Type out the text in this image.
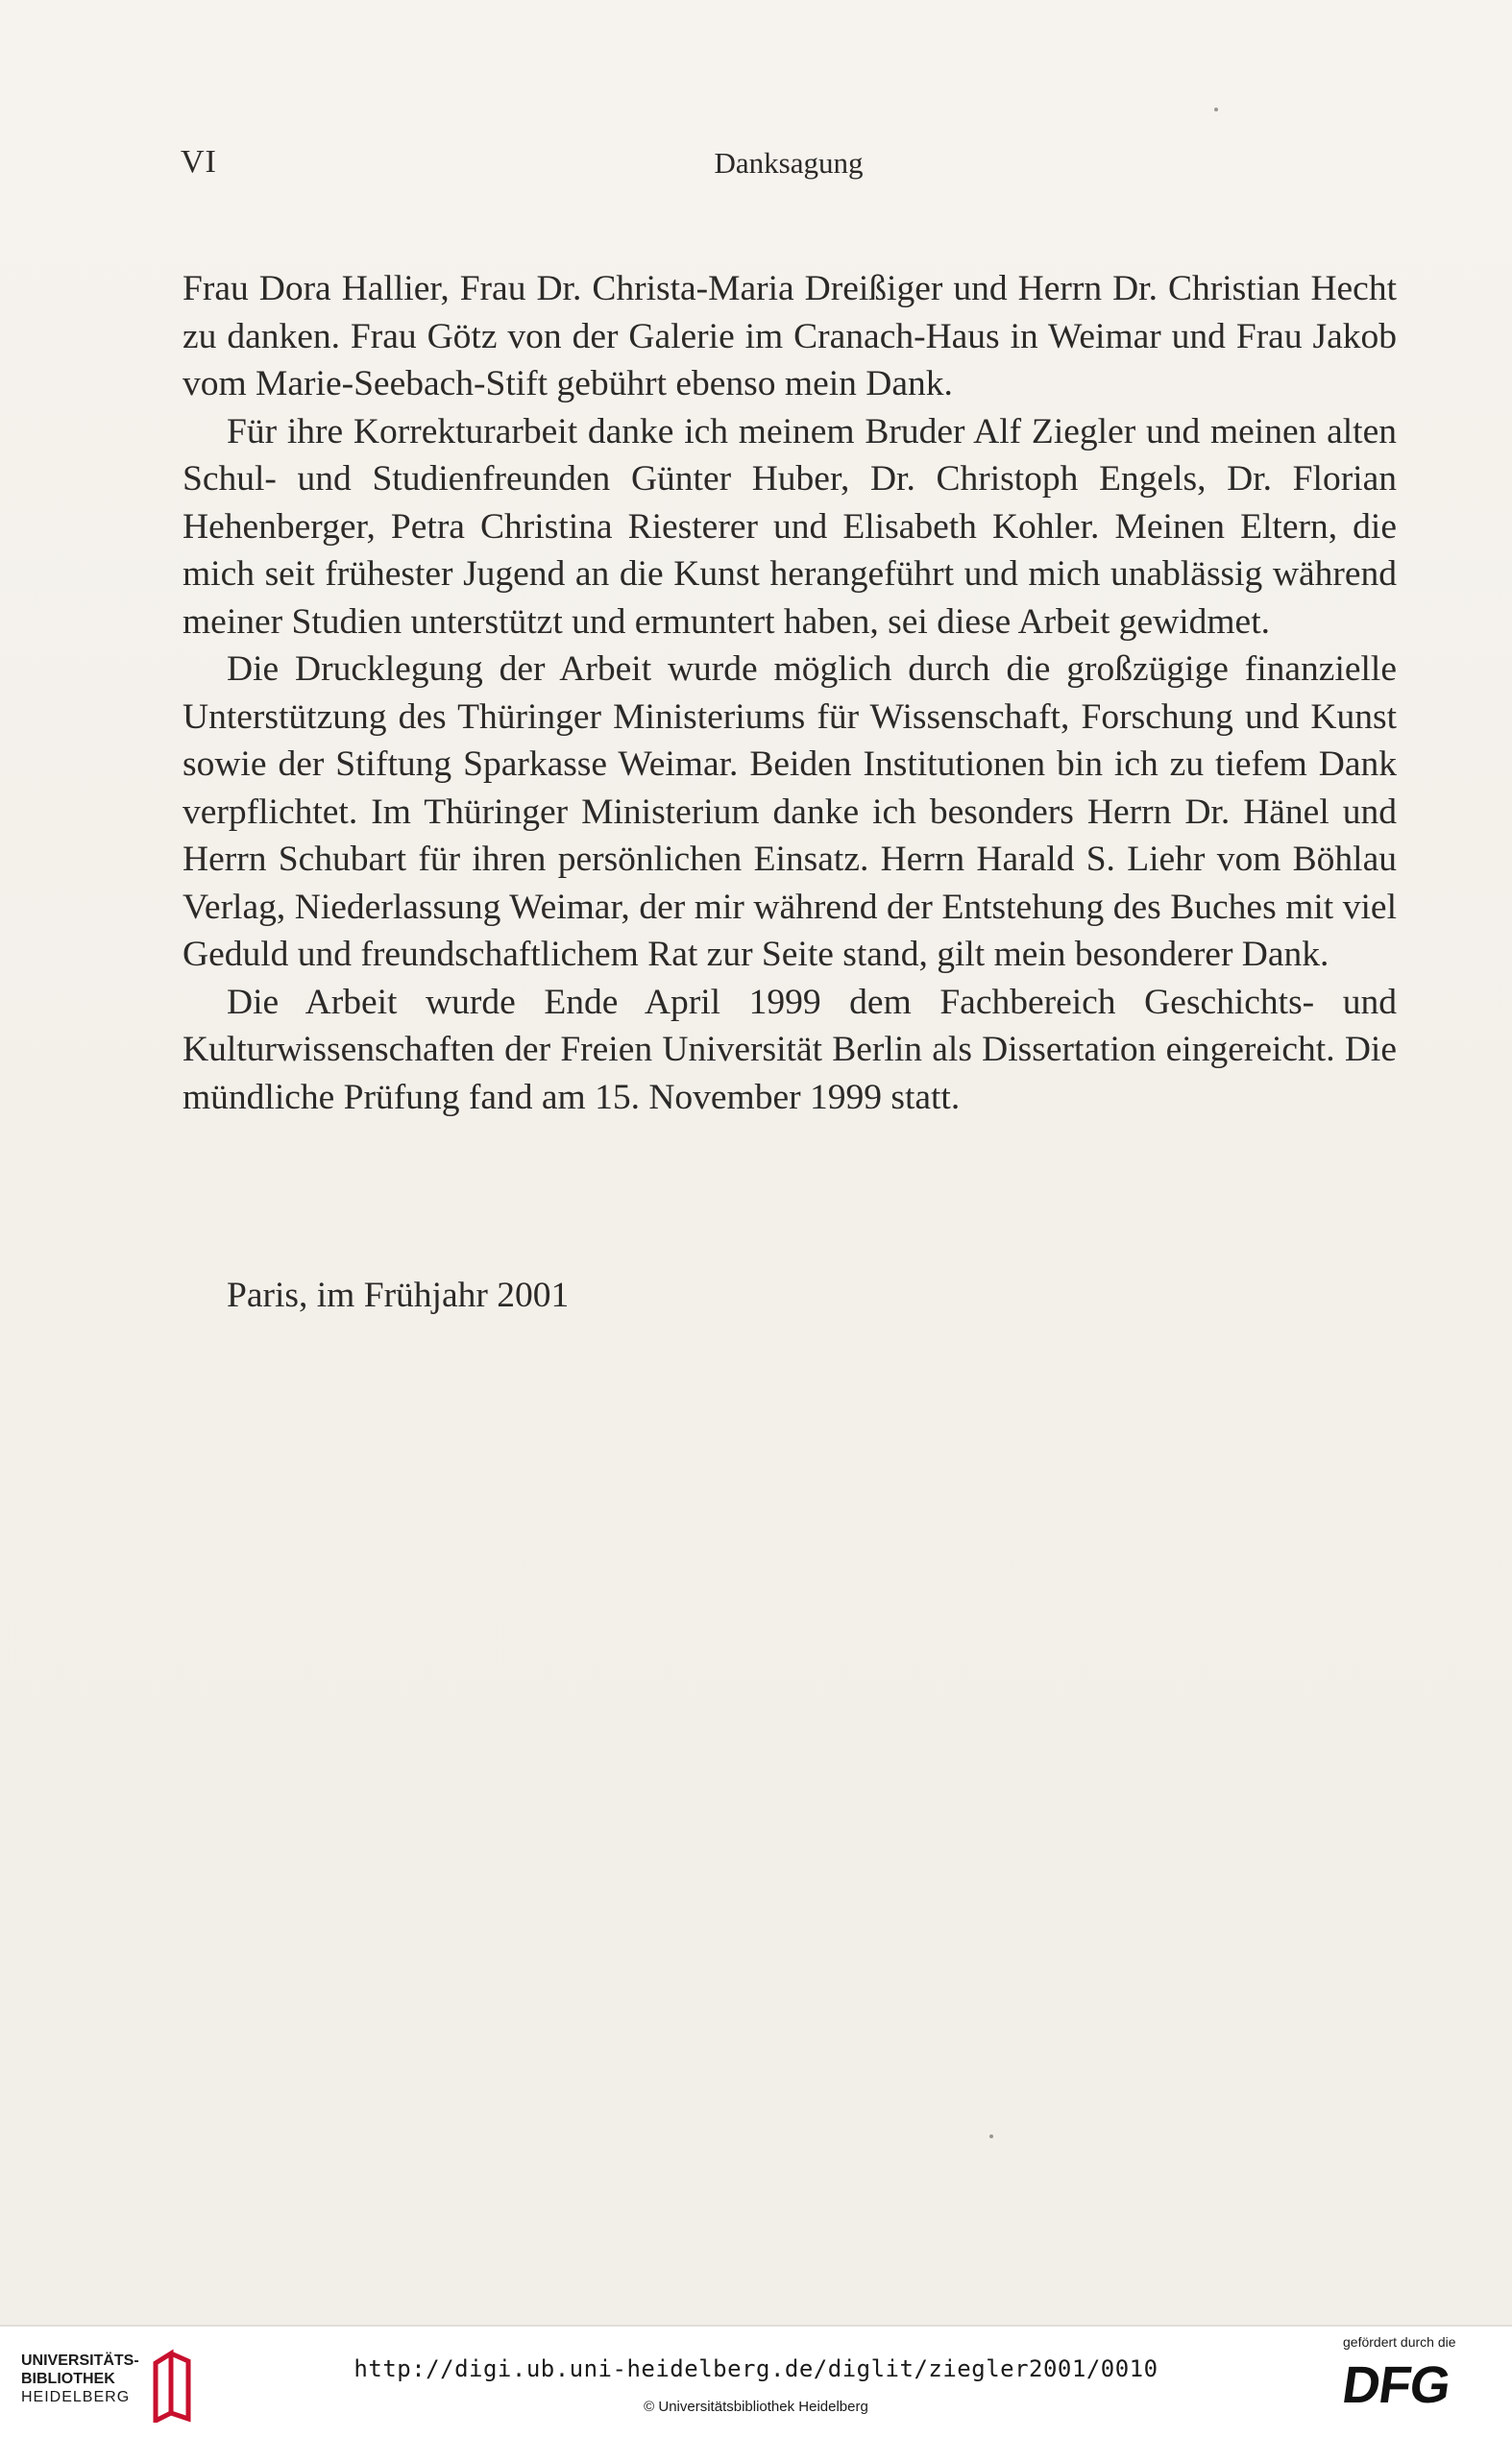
VI	Danksagung

Frau Dora Hallier, Frau Dr. Christa-Maria Dreißiger und Herrn Dr. Christian Hecht zu danken. Frau Götz von der Galerie im Cranach-Haus in Weimar und Frau Jakob vom Marie-Seebach-Stift gebührt ebenso mein Dank.

Für ihre Korrekturarbeit danke ich meinem Bruder Alf Ziegler und meinen alten Schul- und Studienfreunden Günter Huber, Dr. Christoph Engels, Dr. Florian Hehenberger, Petra Christina Riesterer und Elisabeth Kohler. Meinen Eltern, die mich seit frühester Jugend an die Kunst herangeführt und mich unablässig während meiner Studien unterstützt und ermuntert haben, sei diese Arbeit gewidmet.

Die Drucklegung der Arbeit wurde möglich durch die großzügige finanzielle Unterstützung des Thüringer Ministeriums für Wissenschaft, Forschung und Kunst sowie der Stiftung Sparkasse Weimar. Beiden Institutionen bin ich zu tiefem Dank verpflichtet. Im Thüringer Ministerium danke ich besonders Herrn Dr. Hänel und Herrn Schubart für ihren persönlichen Einsatz. Herrn Harald S. Liehr vom Böhlau Verlag, Niederlassung Weimar, der mir während der Entstehung des Buches mit viel Geduld und freundschaftlichem Rat zur Seite stand, gilt mein besonderer Dank.

Die Arbeit wurde Ende April 1999 dem Fachbereich Geschichts- und Kulturwissenschaften der Freien Universität Berlin als Dissertation eingereicht. Die mündliche Prüfung fand am 15. November 1999 statt.

Paris, im Frühjahr 2001
UNIVERSITÄTS-
BIBLIOTHEK
HEIDELBERG
http://digi.ub.uni-heidelberg.de/diglit/ziegler2001/0010
© Universitätsbibliothek Heidelberg
gefördert durch die
DFG
